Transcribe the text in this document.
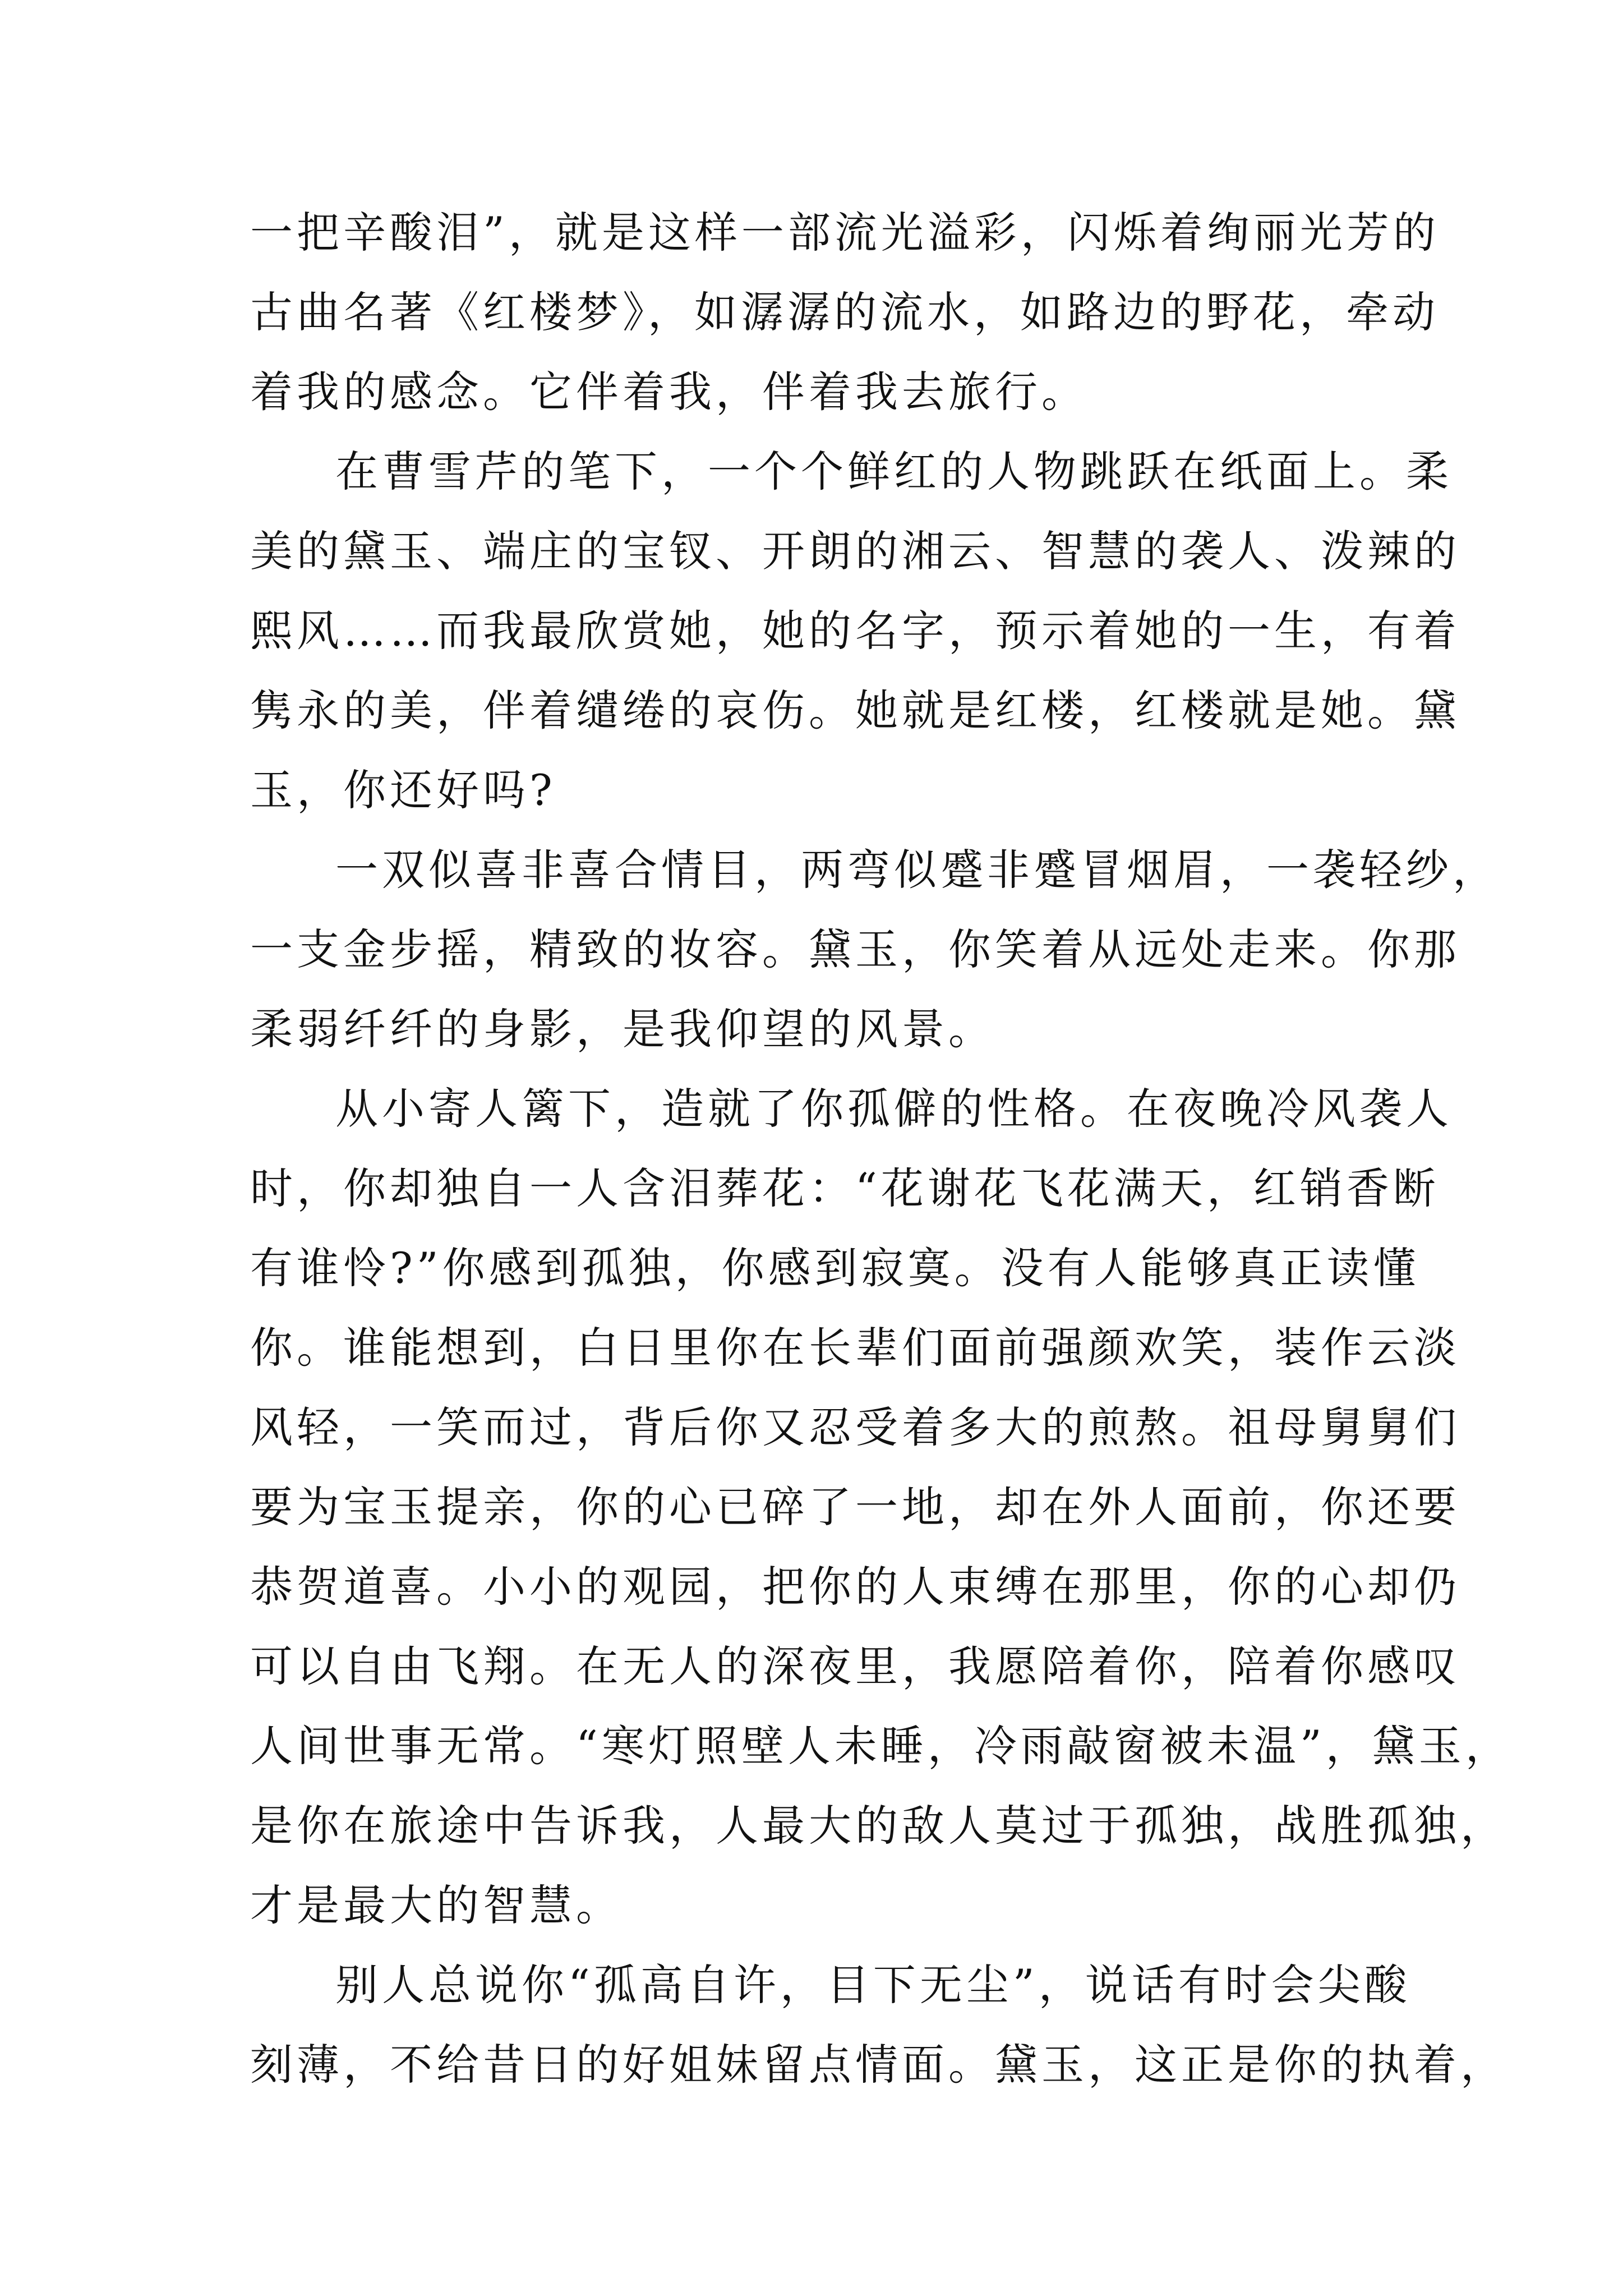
一把辛酸泪”，就是这样一部流光溢彩，闪烁着绚丽光芳的
古曲名著《红楼梦》，如潺潺的流水，如路边的野花，牵动
着我的感念。它伴着我，伴着我去旅行。
在曹雪芹的笔下，一个个鲜红的人物跳跃在纸面上。柔
美的黛玉、端庄的宝钗、开朗的湘云、智慧的袭人、泼辣的
熙风……而我最欣赏她，她的名字，预示着她的一生，有着
隽永的美，伴着缱绻的哀伤。她就是红楼，红楼就是她。黛
玉，你还好吗?
一双似喜非喜合情目，两弯似蹙非蹙冒烟眉，一袭轻纱，
一支金步摇，精致的妆容。黛玉，你笑着从远处走来。你那
柔弱纤纤的身影，是我仰望的风景。
从小寄人篱下，造就了你孤僻的性格。在夜晚冷风袭人
时，你却独自一人含泪葬花：“花谢花飞花满天，红销香断
有谁怜?”你感到孤独，你感到寂寞。没有人能够真正读懂
你。谁能想到，白日里你在长辈们面前强颜欢笑，装作云淡
风轻，一笑而过，背后你又忍受着多大的煎熬。祖母舅舅们
要为宝玉提亲，你的心已碎了一地，却在外人面前，你还要
恭贺道喜。小小的观园，把你的人束缚在那里，你的心却仍
可以自由飞翔。在无人的深夜里，我愿陪着你，陪着你感叹
人间世事无常。“寒灯照壁人未睡，冷雨敲窗被未温”，黛玉，
是你在旅途中告诉我，人最大的敌人莫过于孤独，战胜孤独，
才是最大的智慧。
别人总说你“孤高自许，目下无尘”，说话有时会尖酸
刻薄，不给昔日的好姐妹留点情面。黛玉，这正是你的执着，
